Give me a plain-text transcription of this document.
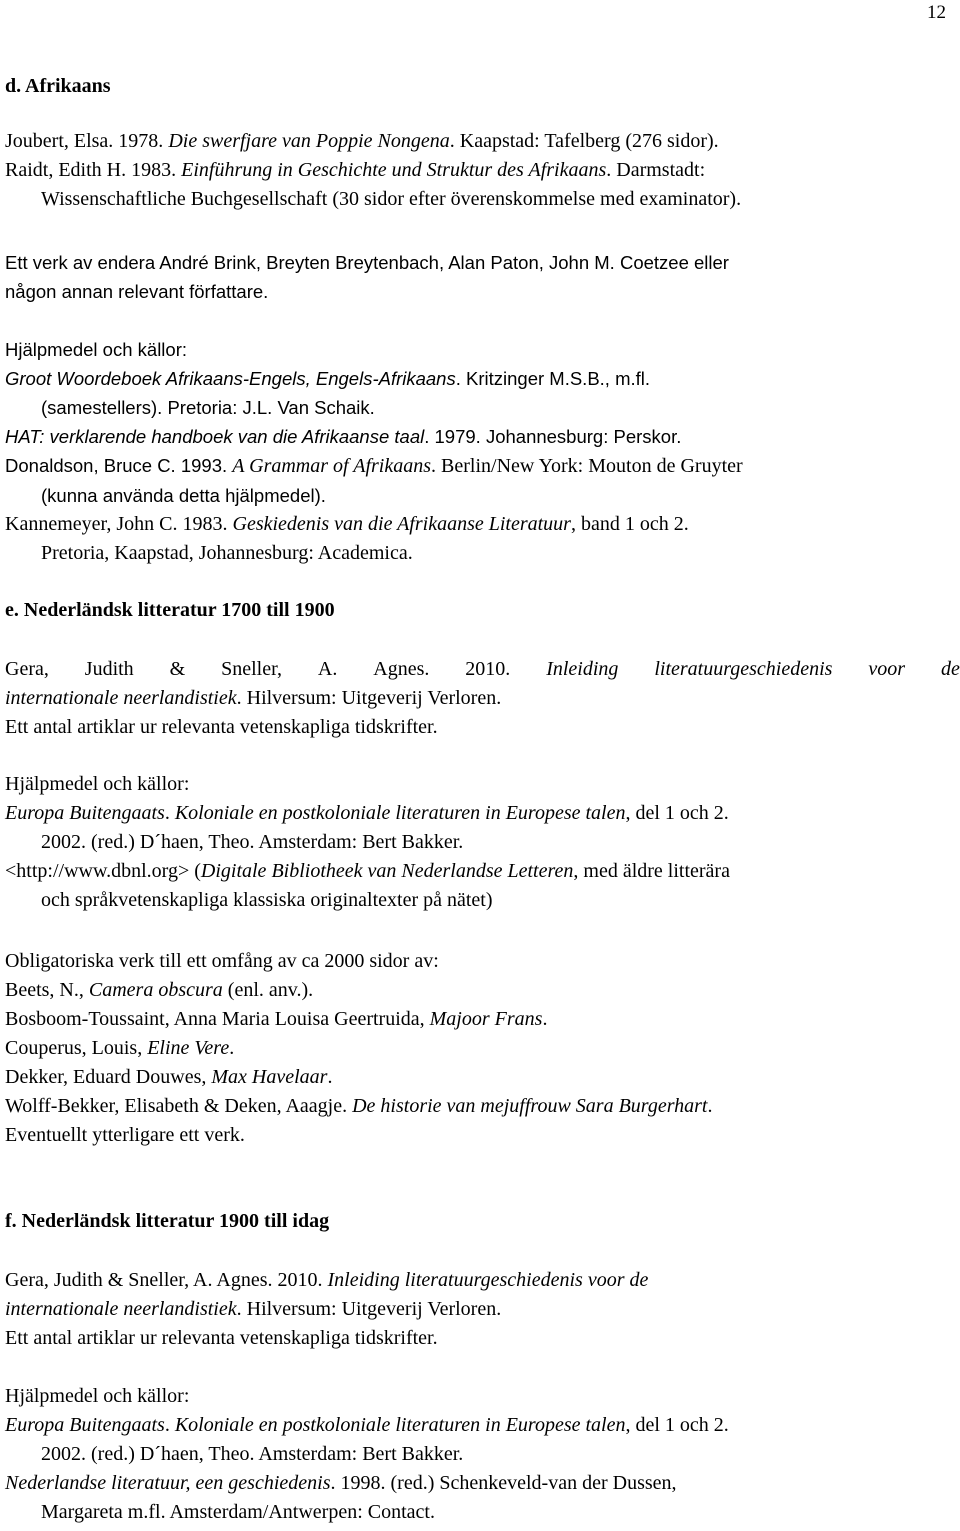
12
d. Afrikaans
Joubert, Elsa. 1978. Die swerfjare van Poppie Nongena. Kaapstad: Tafelberg (276 sidor).
Raidt, Edith H. 1983. Einführung in Geschichte und Struktur des Afrikaans. Darmstadt:
Wissenschaftliche Buchgesellschaft (30 sidor efter överenskommelse med examinator).
Ett verk av endera André Brink, Breyten Breytenbach, Alan Paton, John M. Coetzee eller
någon annan relevant författare.
Hjälpmedel och källor:
Groot Woordeboek Afrikaans-Engels, Engels-Afrikaans. Kritzinger M.S.B., m.fl.
(samestellers). Pretoria: J.L. Van Schaik.
HAT: verklarende handboek van die Afrikaanse taal. 1979. Johannesburg: Perskor.
Donaldson, Bruce C. 1993. A Grammar of Afrikaans. Berlin/New York: Mouton de Gruyter
(kunna använda detta hjälpmedel).
Kannemeyer, John C. 1983. Geskiedenis van die Afrikaanse Literatuur, band 1 och 2.
Pretoria, Kaapstad, Johannesburg: Academica.
e. Nederländsk litteratur 1700 till 1900
Gera, Judith & Sneller, A. Agnes. 2010. Inleiding literatuurgeschiedenis voor de
internationale neerlandistiek. Hilversum: Uitgeverij Verloren.
Ett antal artiklar ur relevanta vetenskapliga tidskrifter.
Hjälpmedel och källor:
Europa Buitengaats. Koloniale en postkoloniale literaturen in Europese talen, del 1 och 2.
2002. (red.) D´haen, Theo. Amsterdam: Bert Bakker.
<http://www.dbnl.org> (Digitale Bibliotheek van Nederlandse Letteren, med äldre litterära
och språkvetenskapliga klassiska originaltexter på nätet)
Obligatoriska verk till ett omfång av ca 2000 sidor av:
Beets, N., Camera obscura (enl. anv.).
Bosboom-Toussaint, Anna Maria Louisa Geertruida, Majoor Frans.
Couperus, Louis, Eline Vere.
Dekker, Eduard Douwes, Max Havelaar.
Wolff-Bekker, Elisabeth & Deken, Aaagje. De historie van mejuffrouw Sara Burgerhart.
Eventuellt ytterligare ett verk.
f. Nederländsk litteratur 1900 till idag
Gera, Judith & Sneller, A. Agnes. 2010. Inleiding literatuurgeschiedenis voor de
internationale neerlandistiek. Hilversum: Uitgeverij Verloren.
Ett antal artiklar ur relevanta vetenskapliga tidskrifter.
Hjälpmedel och källor:
Europa Buitengaats. Koloniale en postkoloniale literaturen in Europese talen, del 1 och 2.
2002. (red.) D´haen, Theo. Amsterdam: Bert Bakker.
Nederlandse literatuur, een geschiedenis. 1998. (red.) Schenkeveld-van der Dussen,
Margareta m.fl. Amsterdam/Antwerpen: Contact.
